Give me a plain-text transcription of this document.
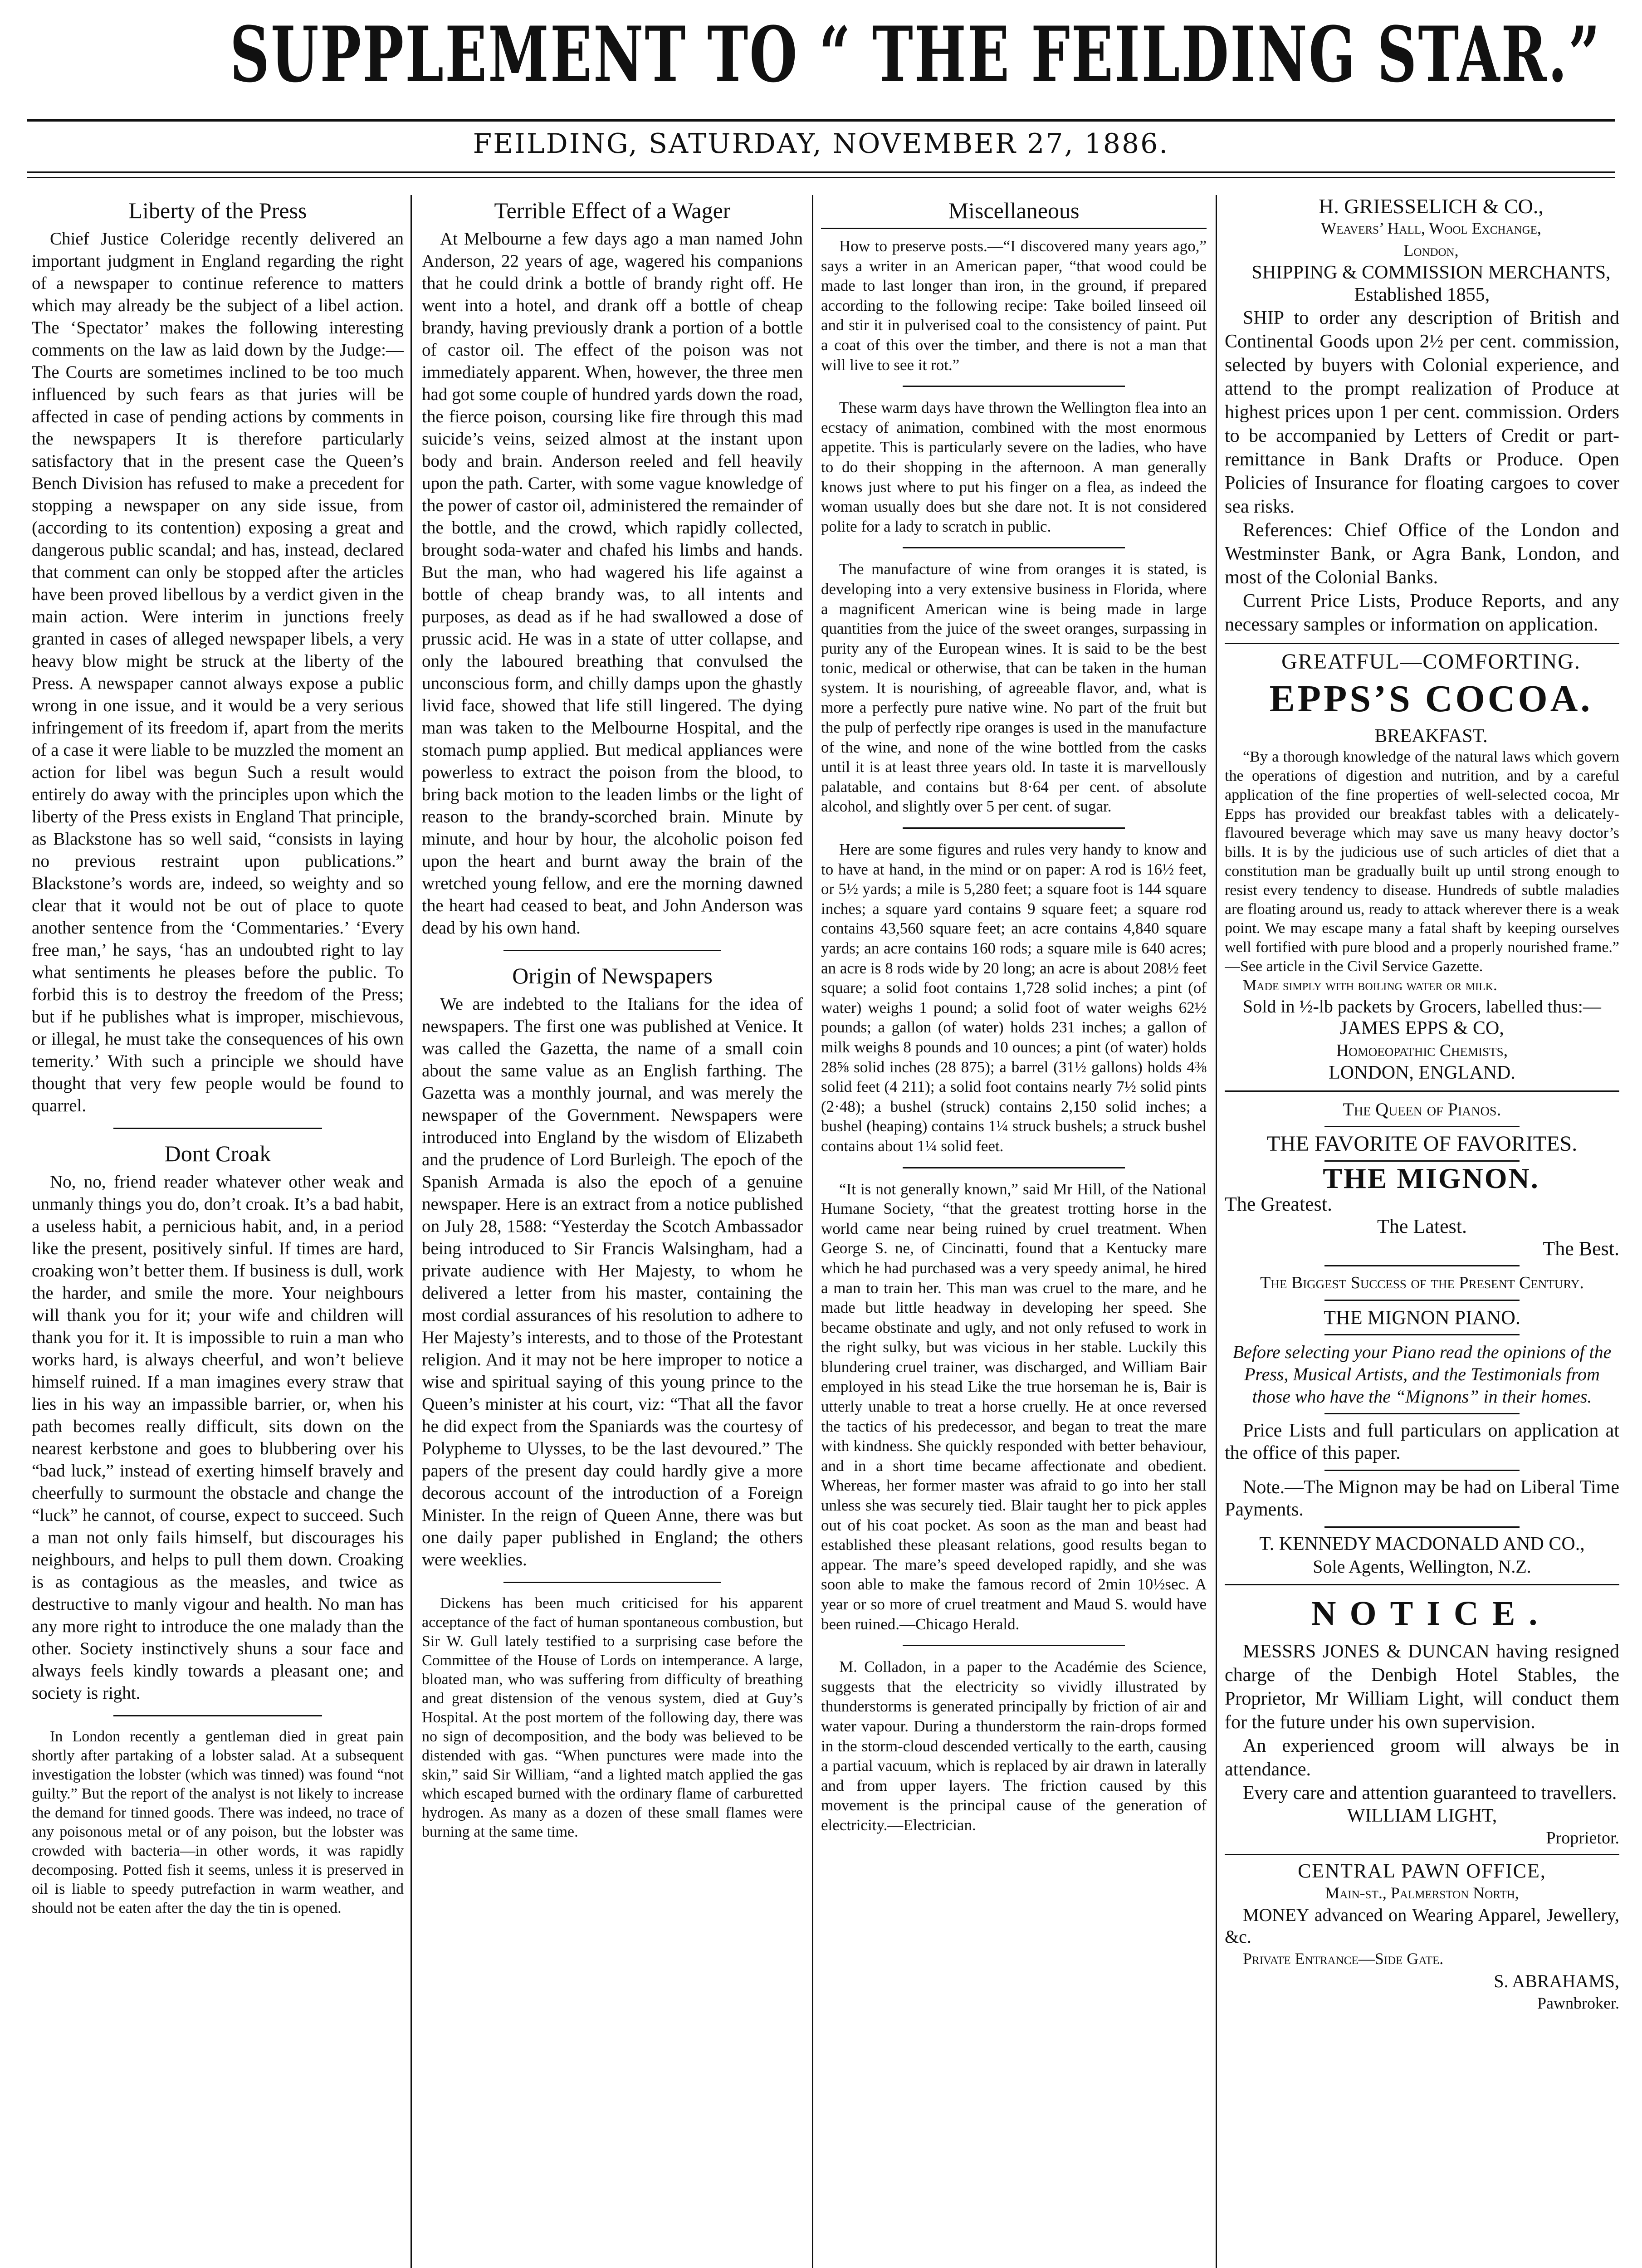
SUPPLEMENT TO “ THE FEILDING STAR.”
FEILDING, SATURDAY, NOVEMBER 27, 1886.
Liberty of the Press

Chief Justice Coleridge recently delivered an important judgment in England regarding the right of a newspaper to continue reference to matters which may already be the subject of a libel action. The ‘Spectator’ makes the following interesting comments on the law as laid down by the Judge:—The Courts are sometimes inclined to be too much influenced by such fears as that juries will be affected in case of pending actions by comments in the newspapers It is therefore particularly satisfactory that in the present case the Queen’s Bench Division has refused to make a precedent for stopping a newspaper on any side issue, from (according to its contention) exposing a great and dangerous public scandal; and has, instead, declared that comment can only be stopped after the articles have been proved libellous by a verdict given in the main action. Were interim in junctions freely granted in cases of alleged newspaper libels, a very heavy blow might be struck at the liberty of the Press. A newspaper cannot always expose a public wrong in one issue, and it would be a very serious infringement of its freedom if, apart from the merits of a case it were liable to be muzzled the moment an action for libel was begun Such a result would entirely do away with the principles upon which the liberty of the Press exists in England That principle, as Blackstone has so well said, “consists in laying no previous restraint upon publications.” Blackstone’s words are, indeed, so weighty and so clear that it would not be out of place to quote another sentence from the ‘Commentaries.’ ‘Every free man,’ he says, ‘has an undoubted right to lay what sentiments he pleases before the public. To forbid this is to destroy the freedom of the Press; but if he publishes what is improper, mischievous, or illegal, he must take the consequences of his own temerity.’ With such a principle we should have thought that very few people would be found to quarrel.

Dont Croak

No, no, friend reader whatever other weak and unmanly things you do, don’t croak. It’s a bad habit, a useless habit, a pernicious habit, and, in a period like the present, positively sinful. If times are hard, croaking won’t better them. If business is dull, work the harder, and smile the more. Your neighbours will thank you for it; your wife and children will thank you for it. It is impossible to ruin a man who works hard, is always cheerful, and won’t believe himself ruined. If a man imagines every straw that lies in his way an impassible barrier, or, when his path becomes really difficult, sits down on the nearest kerbstone and goes to blubbering over his “bad luck,” instead of exerting himself bravely and cheerfully to surmount the obstacle and change the “luck” he cannot, of course, expect to succeed. Such a man not only fails himself, but discourages his neighbours, and helps to pull them down. Croaking is as contagious as the measles, and twice as destructive to manly vigour and health. No man has any more right to introduce the one malady than the other. Society instinctively shuns a sour face and always feels kindly towards a pleasant one; and society is right.

In London recently a gentleman died in great pain shortly after partaking of a lobster salad. At a subsequent investigation the lobster (which was tinned) was found “not guilty.” But the report of the analyst is not likely to increase the demand for tinned goods. There was indeed, no trace of any poisonous metal or of any poison, but the lobster was crowded with bacteria—in other words, it was rapidly decomposing. Potted fish it seems, unless it is preserved in oil is liable to speedy putrefaction in warm weather, and should not be eaten after the day the tin is opened.

Terrible Effect of a Wager

At Melbourne a few days ago a man named John Anderson, 22 years of age, wagered his companions that he could drink a bottle of brandy right off. He went into a hotel, and drank off a bottle of cheap brandy, having previously drank a portion of a bottle of castor oil. The effect of the poison was not immediately apparent. When, however, the three men had got some couple of hundred yards down the road, the fierce poison, coursing like fire through this mad suicide’s veins, seized almost at the instant upon body and brain. Anderson reeled and fell heavily upon the path. Carter, with some vague knowledge of the power of castor oil, administered the remainder of the bottle, and the crowd, which rapidly collected, brought soda-water and chafed his limbs and hands. But the man, who had wagered his life against a bottle of cheap brandy was, to all intents and purposes, as dead as if he had swallowed a dose of prussic acid. He was in a state of utter collapse, and only the laboured breathing that convulsed the unconscious form, and chilly damps upon the ghastly livid face, showed that life still lingered. The dying man was taken to the Melbourne Hospital, and the stomach pump applied. But medical appliances were powerless to extract the poison from the blood, to bring back motion to the leaden limbs or the light of reason to the brandy-scorched brain. Minute by minute, and hour by hour, the alcoholic poison fed upon the heart and burnt away the brain of the wretched young fellow, and ere the morning dawned the heart had ceased to beat, and John Anderson was dead by his own hand.

Origin of Newspapers

We are indebted to the Italians for the idea of newspapers. The first one was published at Venice. It was called the Gazetta, the name of a small coin about the same value as an English farthing. The Gazetta was a monthly journal, and was merely the newspaper of the Government. Newspapers were introduced into England by the wisdom of Elizabeth and the prudence of Lord Burleigh. The epoch of the Spanish Armada is also the epoch of a genuine newspaper. Here is an extract from a notice published on July 28, 1588: “Yesterday the Scotch Ambassador being introduced to Sir Francis Walsingham, had a private audience with Her Majesty, to whom he delivered a letter from his master, containing the most cordial assurances of his resolution to adhere to Her Majesty’s interests, and to those of the Protestant religion. And it may not be here improper to notice a wise and spiritual saying of this young prince to the Queen’s minister at his court, viz: “That all the favor he did expect from the Spaniards was the courtesy of Polypheme to Ulysses, to be the last devoured.” The papers of the present day could hardly give a more decorous account of the introduction of a Foreign Minister. In the reign of Queen Anne, there was but one daily paper published in England; the others were weeklies.

Dickens has been much criticised for his apparent acceptance of the fact of human spontaneous combustion, but Sir W. Gull lately testified to a surprising case before the Committee of the House of Lords on intemperance. A large, bloated man, who was suffering from difficulty of breathing and great distension of the venous system, died at Guy’s Hospital. At the post mortem of the following day, there was no sign of decomposition, and the body was believed to be distended with gas. “When punctures were made into the skin,” said Sir William, “and a lighted match applied the gas which escaped burned with the ordinary flame of carburetted hydrogen. As many as a dozen of these small flames were burning at the same time.

Miscellaneous

How to preserve posts.—“I discovered many years ago,” says a writer in an American paper, “that wood could be made to last longer than iron, in the ground, if prepared according to the following recipe: Take boiled linseed oil and stir it in pulverised coal to the consistency of paint. Put a coat of this over the timber, and there is not a man that will live to see it rot.”

These warm days have thrown the Wellington flea into an ecstacy of animation, combined with the most enormous appetite. This is particularly severe on the ladies, who have to do their shopping in the afternoon. A man generally knows just where to put his finger on a flea, as indeed the woman usually does but she dare not. It is not considered polite for a lady to scratch in public.

The manufacture of wine from oranges it is stated, is developing into a very extensive business in Florida, where a magnificent American wine is being made in large quantities from the juice of the sweet oranges, surpassing in purity any of the European wines. It is said to be the best tonic, medical or otherwise, that can be taken in the human system. It is nourishing, of agreeable flavor, and, what is more a perfectly pure native wine. No part of the fruit but the pulp of perfectly ripe oranges is used in the manufacture of the wine, and none of the wine bottled from the casks until it is at least three years old. In taste it is marvellously palatable, and contains but 8·64 per cent. of absolute alcohol, and slightly over 5 per cent. of sugar.

Here are some figures and rules very handy to know and to have at hand, in the mind or on paper: A rod is 16½ feet, or 5½ yards; a mile is 5,280 feet; a square foot is 144 square inches; a square yard contains 9 square feet; a square rod contains 43,560 square feet; an acre contains 4,840 square yards; an acre contains 160 rods; a square mile is 640 acres; an acre is 8 rods wide by 20 long; an acre is about 208½ feet square; a solid foot contains 1,728 solid inches; a pint (of water) weighs 1 pound; a solid foot of water weighs 62½ pounds; a gallon (of water) holds 231 inches; a gallon of milk weighs 8 pounds and 10 ounces; a pint (of water) holds 28⅝ solid inches (28 875); a barrel (31½ gallons) holds 4⅜ solid feet (4 211); a solid foot contains nearly 7½ solid pints (2·48); a bushel (struck) contains 2,150 solid inches; a bushel (heaping) contains 1¼ struck bushels; a struck bushel contains about 1¼ solid feet.

“It is not generally known,” said Mr Hill, of the National Humane Society, “that the greatest trotting horse in the world came near being ruined by cruel treatment. When George S. ne, of Cincinatti, found that a Kentucky mare which he had purchased was a very speedy animal, he hired a man to train her. This man was cruel to the mare, and he made but little headway in developing her speed. She became obstinate and ugly, and not only refused to work in the right sulky, but was vicious in her stable. Luckily this blundering cruel trainer, was discharged, and William Bair employed in his stead Like the true horseman he is, Bair is utterly unable to treat a horse cruelly. He at once reversed the tactics of his predecessor, and began to treat the mare with kindness. She quickly responded with better behaviour, and in a short time became affectionate and obedient. Whereas, her former master was afraid to go into her stall unless she was securely tied. Blair taught her to pick apples out of his coat pocket. As soon as the man and beast had established these pleasant relations, good results began to appear. The mare’s speed developed rapidly, and she was soon able to make the famous record of 2min 10½sec. A year or so more of cruel treatment and Maud S. would have been ruined.—Chicago Herald.

M. Colladon, in a paper to the Académie des Science, suggests that the electricity so vividly illustrated by thunderstorms is generated principally by friction of air and water vapour. During a thunderstorm the rain-drops formed in the storm-cloud descended vertically to the earth, causing a partial vacuum, which is replaced by air drawn in laterally and from upper layers. The friction caused by this movement is the principal cause of the generation of electricity.—Electrician.

H. GRIESSELICH & CO.,

Weavers’ Hall, Wool Exchange,

London,

SHIPPING & COMMISSION MERCHANTS, Established 1855,

SHIP to order any description of British and Continental Goods upon 2½ per cent. commission, selected by buyers with Colonial experience, and attend to the prompt realization of Produce at highest prices upon 1 per cent. commission. Orders to be accompanied by Letters of Credit or part-remittance in Bank Drafts or Produce. Open Policies of Insurance for floating cargoes to cover sea risks.

References: Chief Office of the London and Westminster Bank, or Agra Bank, London, and most of the Colonial Banks.

Current Price Lists, Produce Reports, and any necessary samples or information on application.

GREATFUL—COMFORTING.

EPPS’S COCOA.

BREAKFAST.

“By a thorough knowledge of the natural laws which govern the operations of digestion and nutrition, and by a careful application of the fine properties of well-selected cocoa, Mr Epps has provided our breakfast tables with a delicately-flavoured beverage which may save us many heavy doctor’s bills. It is by the judicious use of such articles of diet that a constitution man be gradually built up until strong enough to resist every tendency to disease. Hundreds of subtle maladies are floating around us, ready to attack wherever there is a weak point. We may escape many a fatal shaft by keeping ourselves well fortified with pure blood and a properly nourished frame.” —See article in the Civil Service Gazette.

Made simply with boiling water or milk.

Sold in ½-lb packets by Grocers, labelled thus:—

JAMES EPPS & CO,

Homoeopathic Chemists,

LONDON, ENGLAND.

The Queen of Pianos.

THE FAVORITE OF FAVORITES.

THE MIGNON.

The Greatest.

The Latest.

The Best.

The Biggest Success of the Present Century.

THE MIGNON PIANO.

Before selecting your Piano read the opinions of the Press, Musical Artists, and the Testimonials from those who have the “Mignons” in their homes.

Price Lists and full particulars on application at the office of this paper.

Note.—The Mignon may be had on Liberal Time Payments.

T. KENNEDY MACDONALD AND CO.,

Sole Agents, Wellington, N.Z.

NOTICE.

MESSRS JONES & DUNCAN having resigned charge of the Denbigh Hotel Stables, the Proprietor, Mr William Light, will conduct them for the future under his own supervision.

An experienced groom will always be in attendance.

Every care and attention guaranteed to travellers.

WILLIAM LIGHT,

Proprietor.

CENTRAL PAWN OFFICE,

Main-st., Palmerston North,

MONEY advanced on Wearing Apparel, Jewellery, &c.

Private Entrance—Side Gate.

S. ABRAHAMS,

Pawnbroker.
